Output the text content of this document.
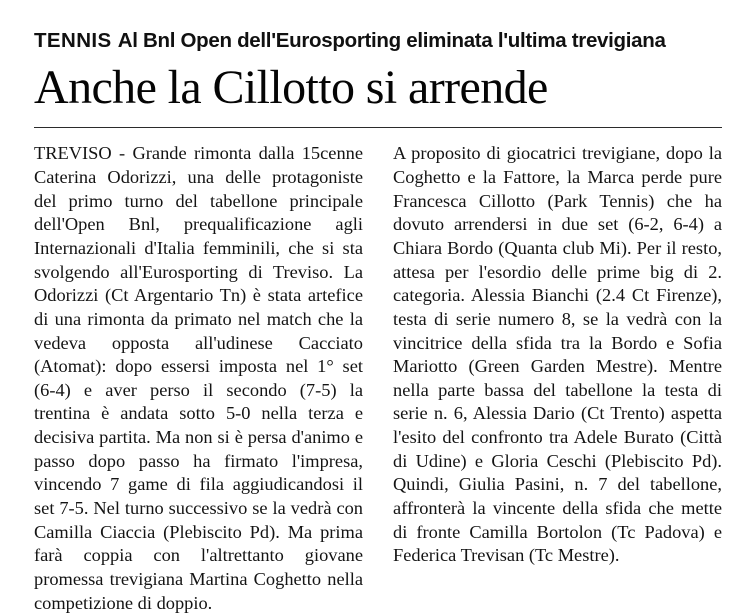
TENNIS Al Bnl Open dell'Eurosporting eliminata l'ultima trevigiana
Anche la Cillotto si arrende

TREVISO - Grande rimonta dalla 15cenne Caterina Odorizzi, una delle protagoniste del primo turno del tabellone principale dell'Open Bnl, prequalificazione agli Internazionali d'Italia femminili, che si sta svolgendo all'Eurosporting di Treviso. La Odorizzi (Ct Argentario Tn) è stata artefice di una rimonta da primato nel match che la vedeva opposta all'udinese Cacciato (Atomat): dopo essersi imposta nel 1° set (6-4) e aver perso il secondo (7-5) la trentina è andata sotto 5-0 nella terza e decisiva partita. Ma non si è persa d'animo e passo dopo passo ha firmato l'impresa, vincendo 7 game di fila aggiudicandosi il set 7-5. Nel turno successivo se la vedrà con Camilla Ciaccia (Plebiscito Pd). Ma prima farà coppia con l'altrettanto giovane promessa trevigiana Martina Coghetto nella competizione di doppio.

A proposito di giocatrici trevigiane, dopo la Coghetto e la Fattore, la Marca perde pure Francesca Cillotto (Park Tennis) che ha dovuto arrendersi in due set (6-2, 6-4) a Chiara Bordo (Quanta club Mi). Per il resto, attesa per l'esordio delle prime big di 2. categoria. Alessia Bianchi (2.4 Ct Firenze), testa di serie numero 8, se la vedrà con la vincitrice della sfida tra la Bordo e Sofia Mariotto (Green Garden Mestre). Mentre nella parte bassa del tabellone la testa di serie n. 6, Alessia Dario (Ct Trento) aspetta l'esito del confronto tra Adele Burato (Città di Udine) e Gloria Ceschi (Plebiscito Pd). Quindi, Giulia Pasini, n. 7 del tabellone, affronterà la vincente della sfida che mette di fronte Camilla Bortolon (Tc Padova) e Federica Trevisan (Tc Mestre).
